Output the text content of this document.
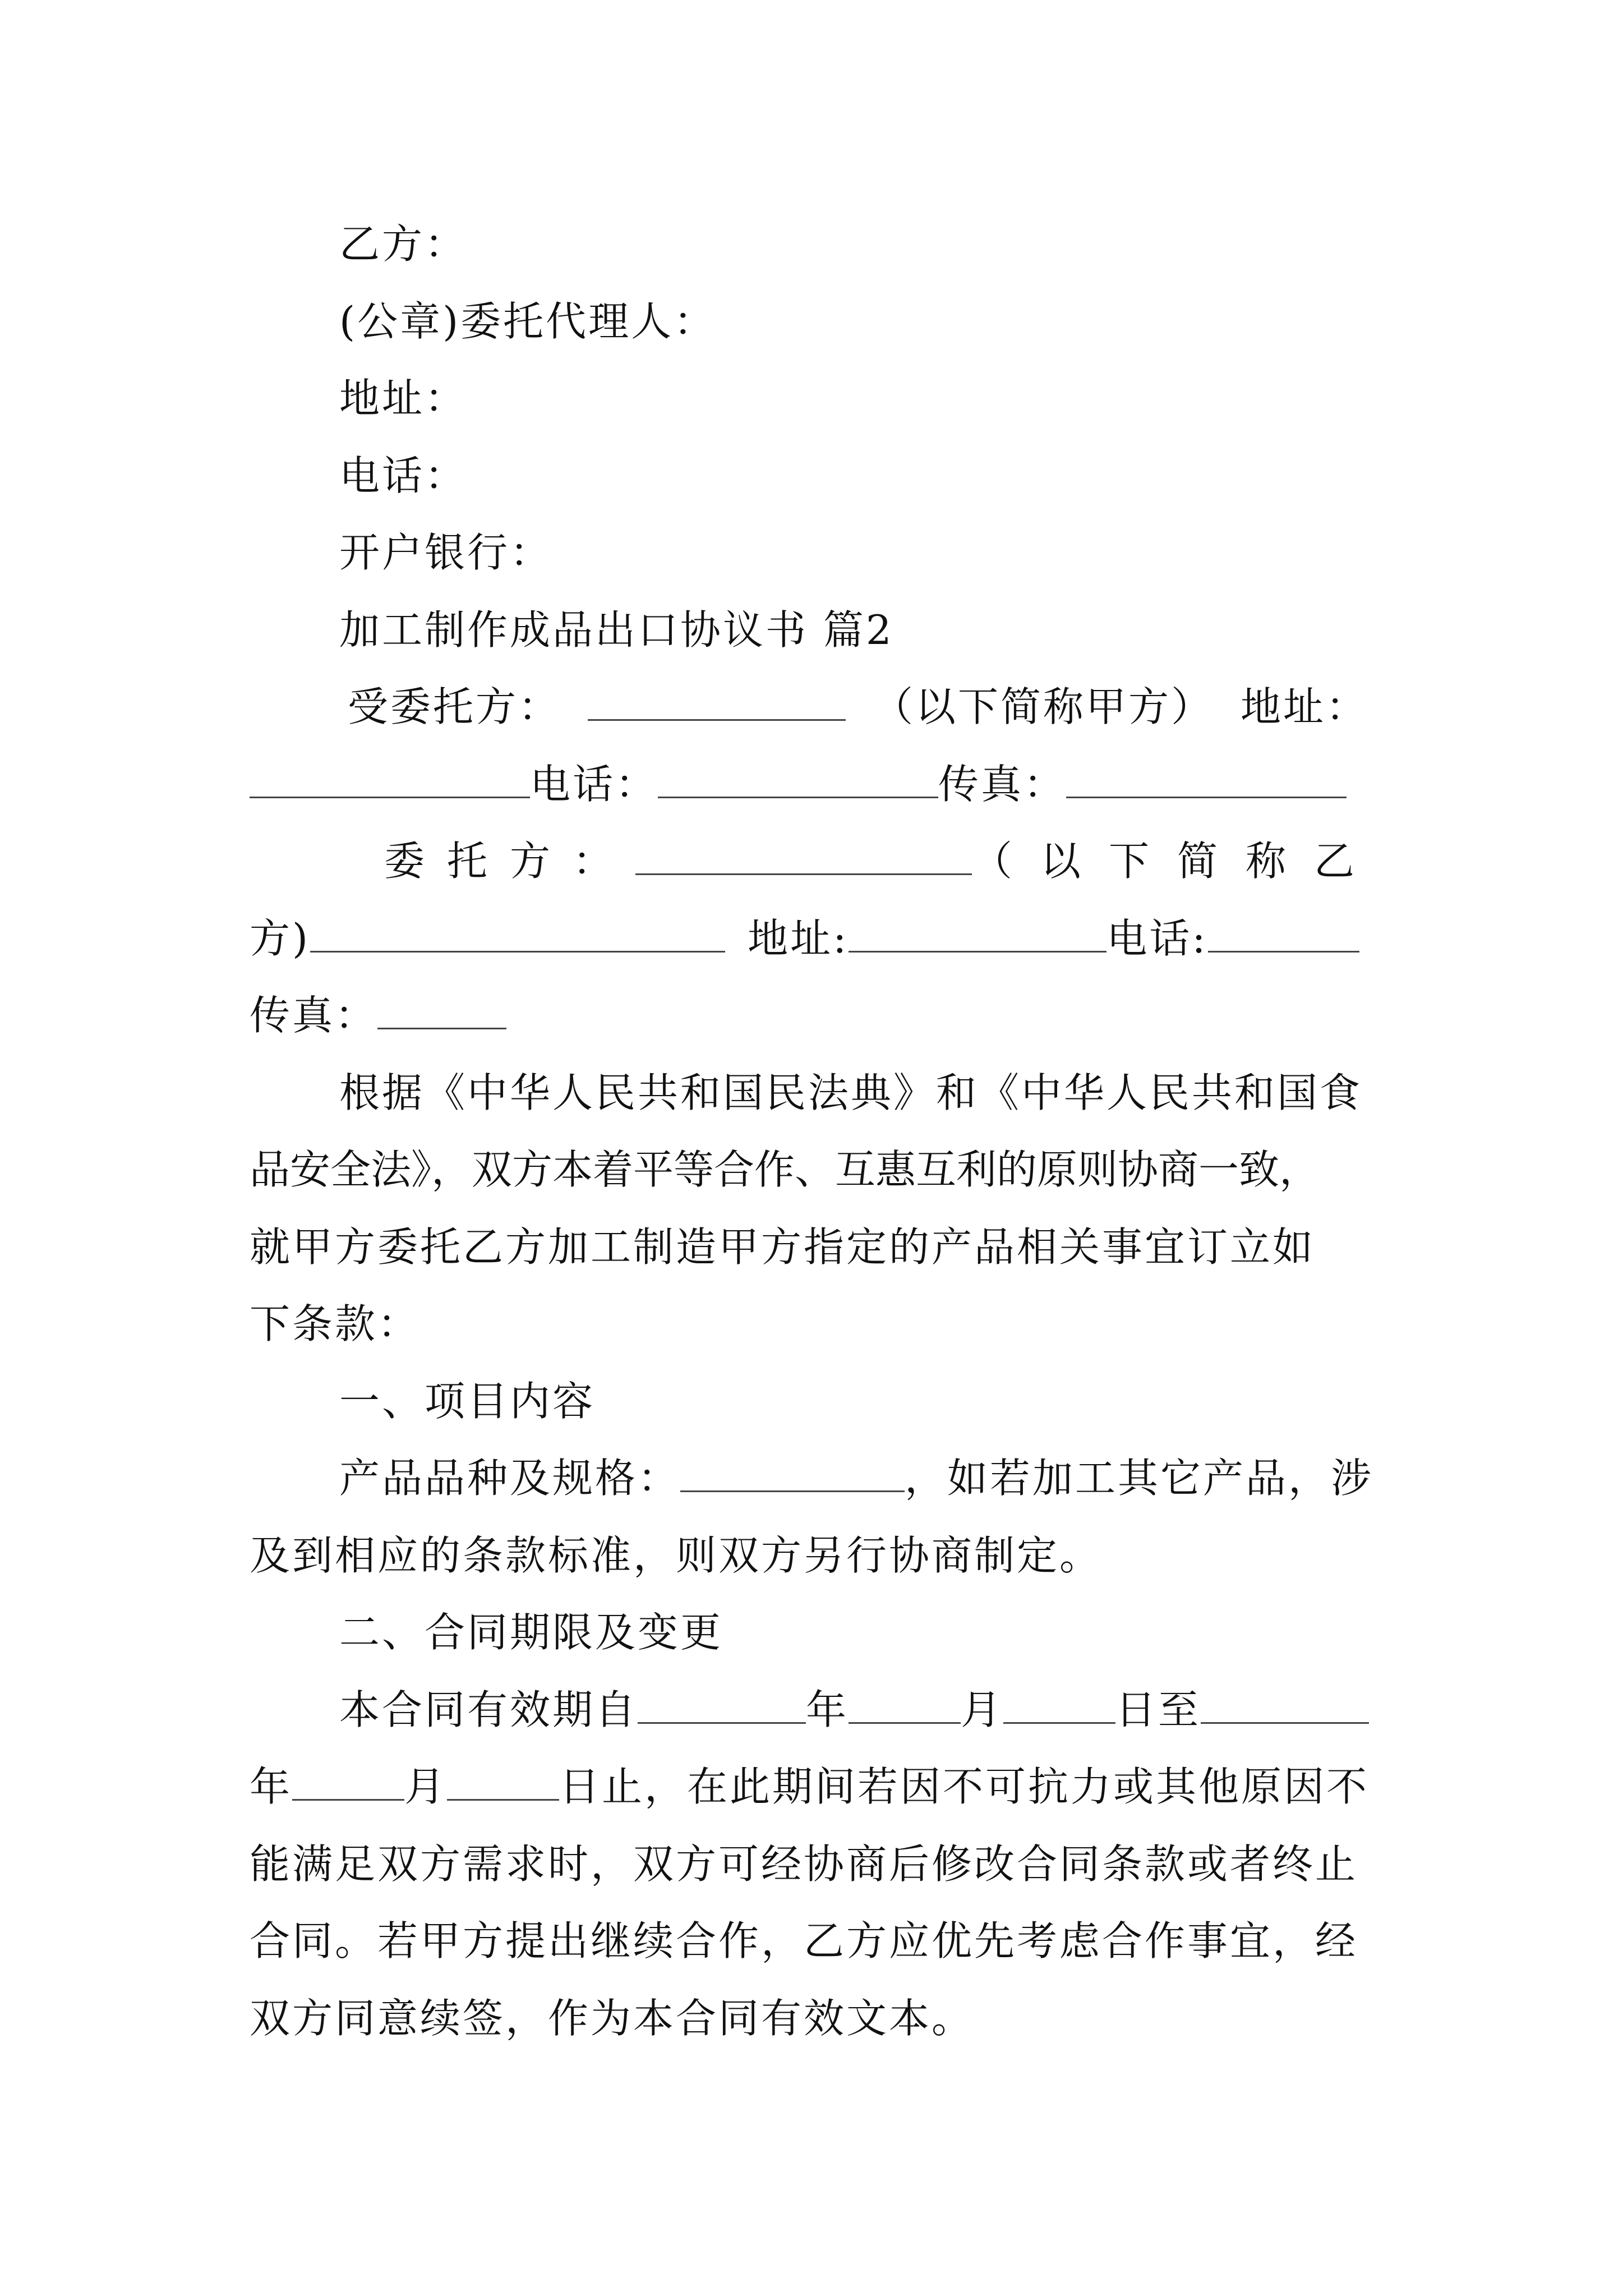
乙方：
(公章)委托代理人：
地址：
电话：
开户银行：
加工制作成品出口协议书 篇2
受委托方：	（以下简称甲方） 地址：
电话：	传真：
委托方：	（以下简称乙
方)	地址:	电话:
传真：
根据《中华人民共和国民法典》和《中华人民共和国食
品安全法》，双方本着平等合作、互惠互利的原则协商一致，
就甲方委托乙方加工制造甲方指定的产品相关事宜订立如
下条款：
一、项目内容
产品品种及规格：	，如若加工其它产品，涉
及到相应的条款标准，则双方另行协商制定。
二、合同期限及变更
本合同有效期自	年	月	日至
年	月	日止，在此期间若因不可抗力或其他原因不
能满足双方需求时，双方可经协商后修改合同条款或者终止
合同。若甲方提出继续合作，乙方应优先考虑合作事宜，经
双方同意续签，作为本合同有效文本。
